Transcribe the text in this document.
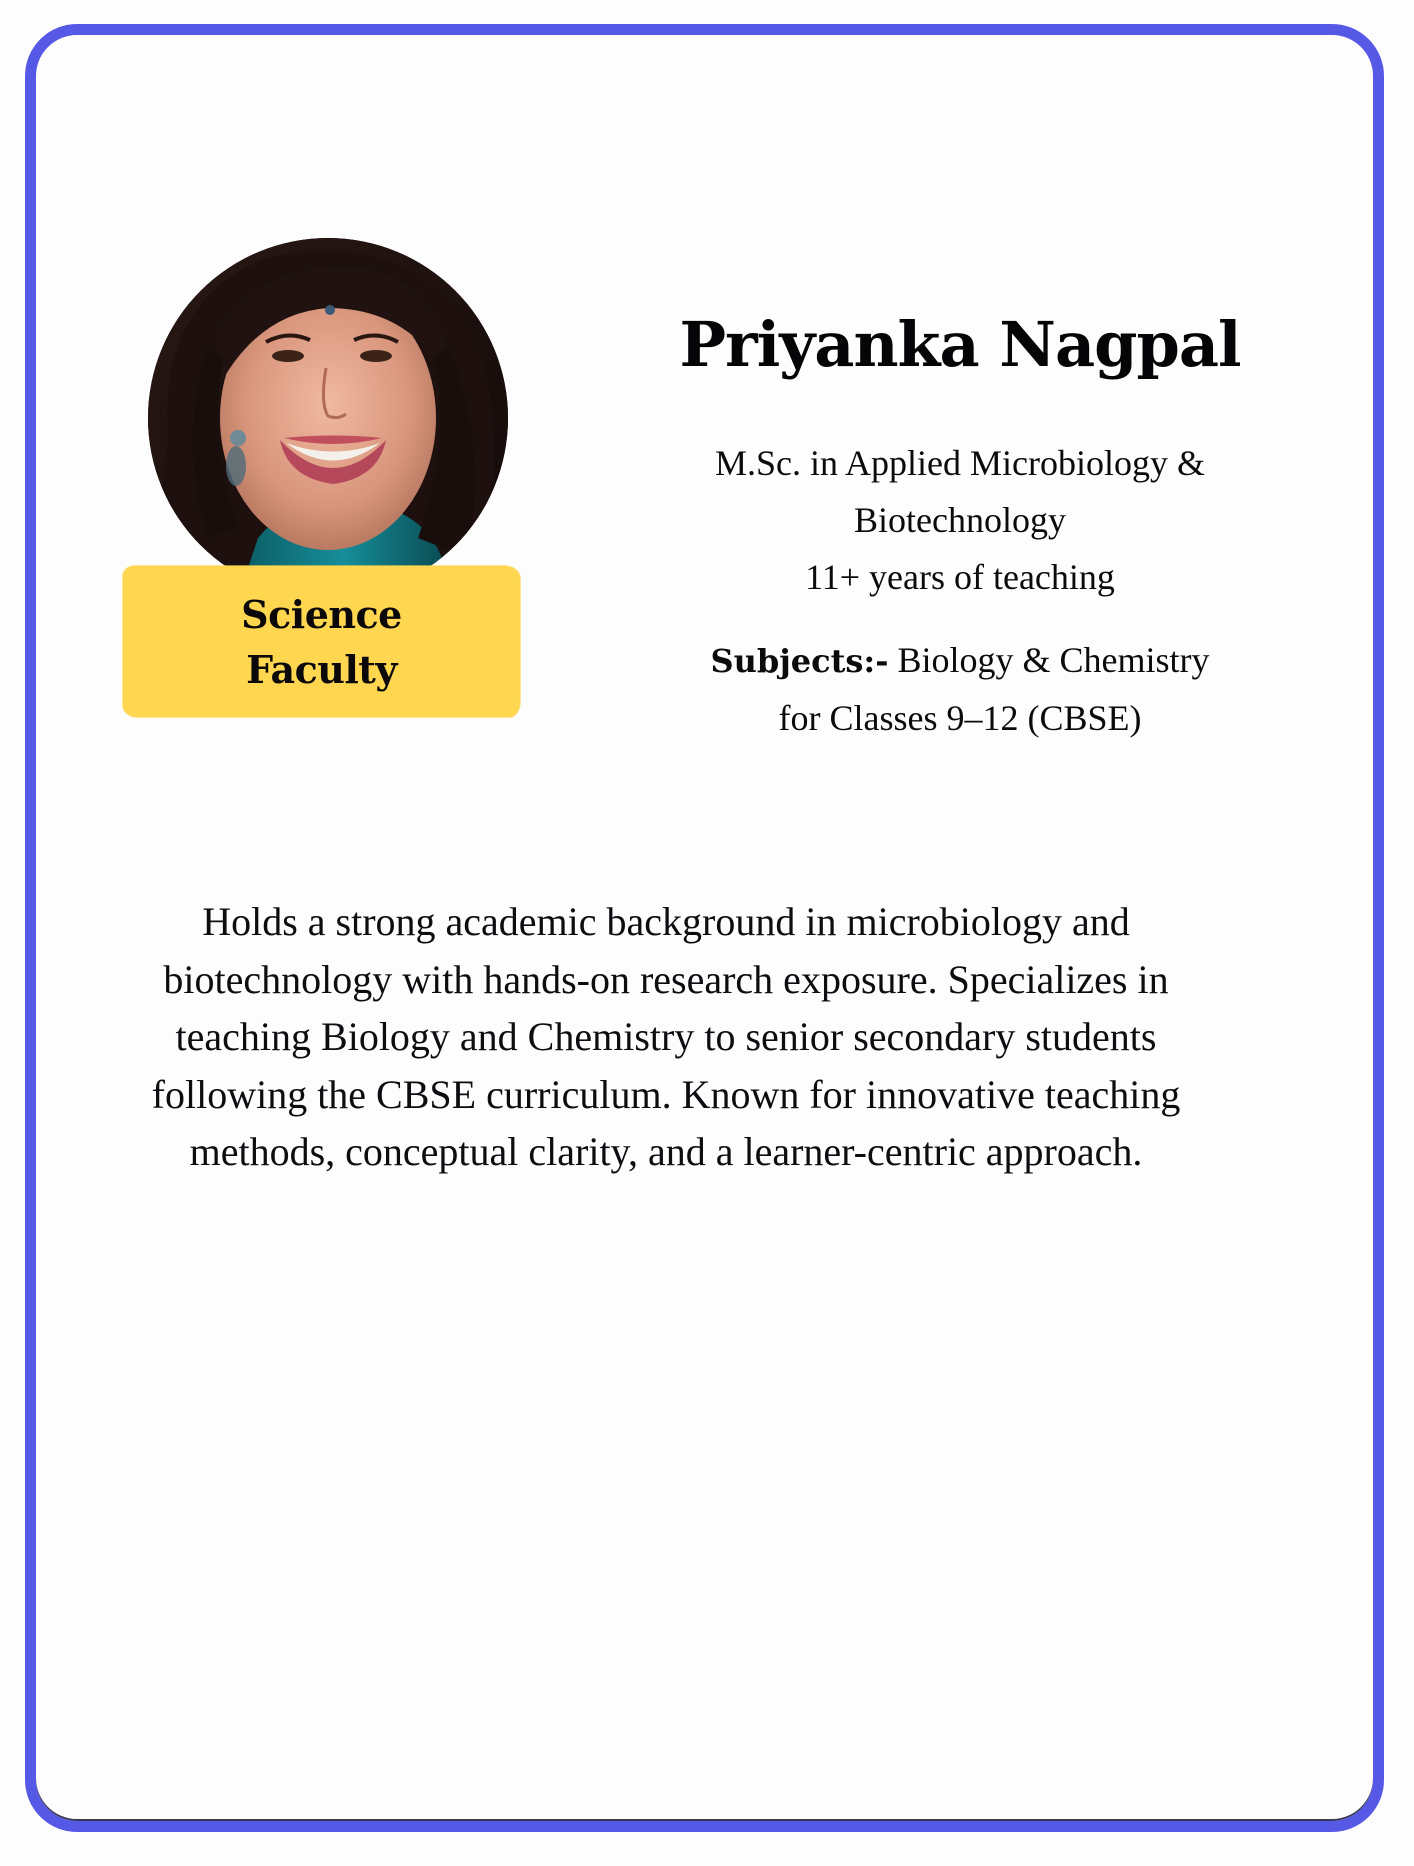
Science
Faculty
Priyanka Nagpal
M.Sc. in Applied Microbiology &
Biotechnology
11+ years of teaching
Subjects:- Biology & Chemistry
for Classes 9–12 (CBSE)
Holds a strong academic background in microbiology and
biotechnology with hands-on research exposure. Specializes in
teaching Biology and Chemistry to senior secondary students
following the CBSE curriculum. Known for innovative teaching
methods, conceptual clarity, and a learner-centric approach.
